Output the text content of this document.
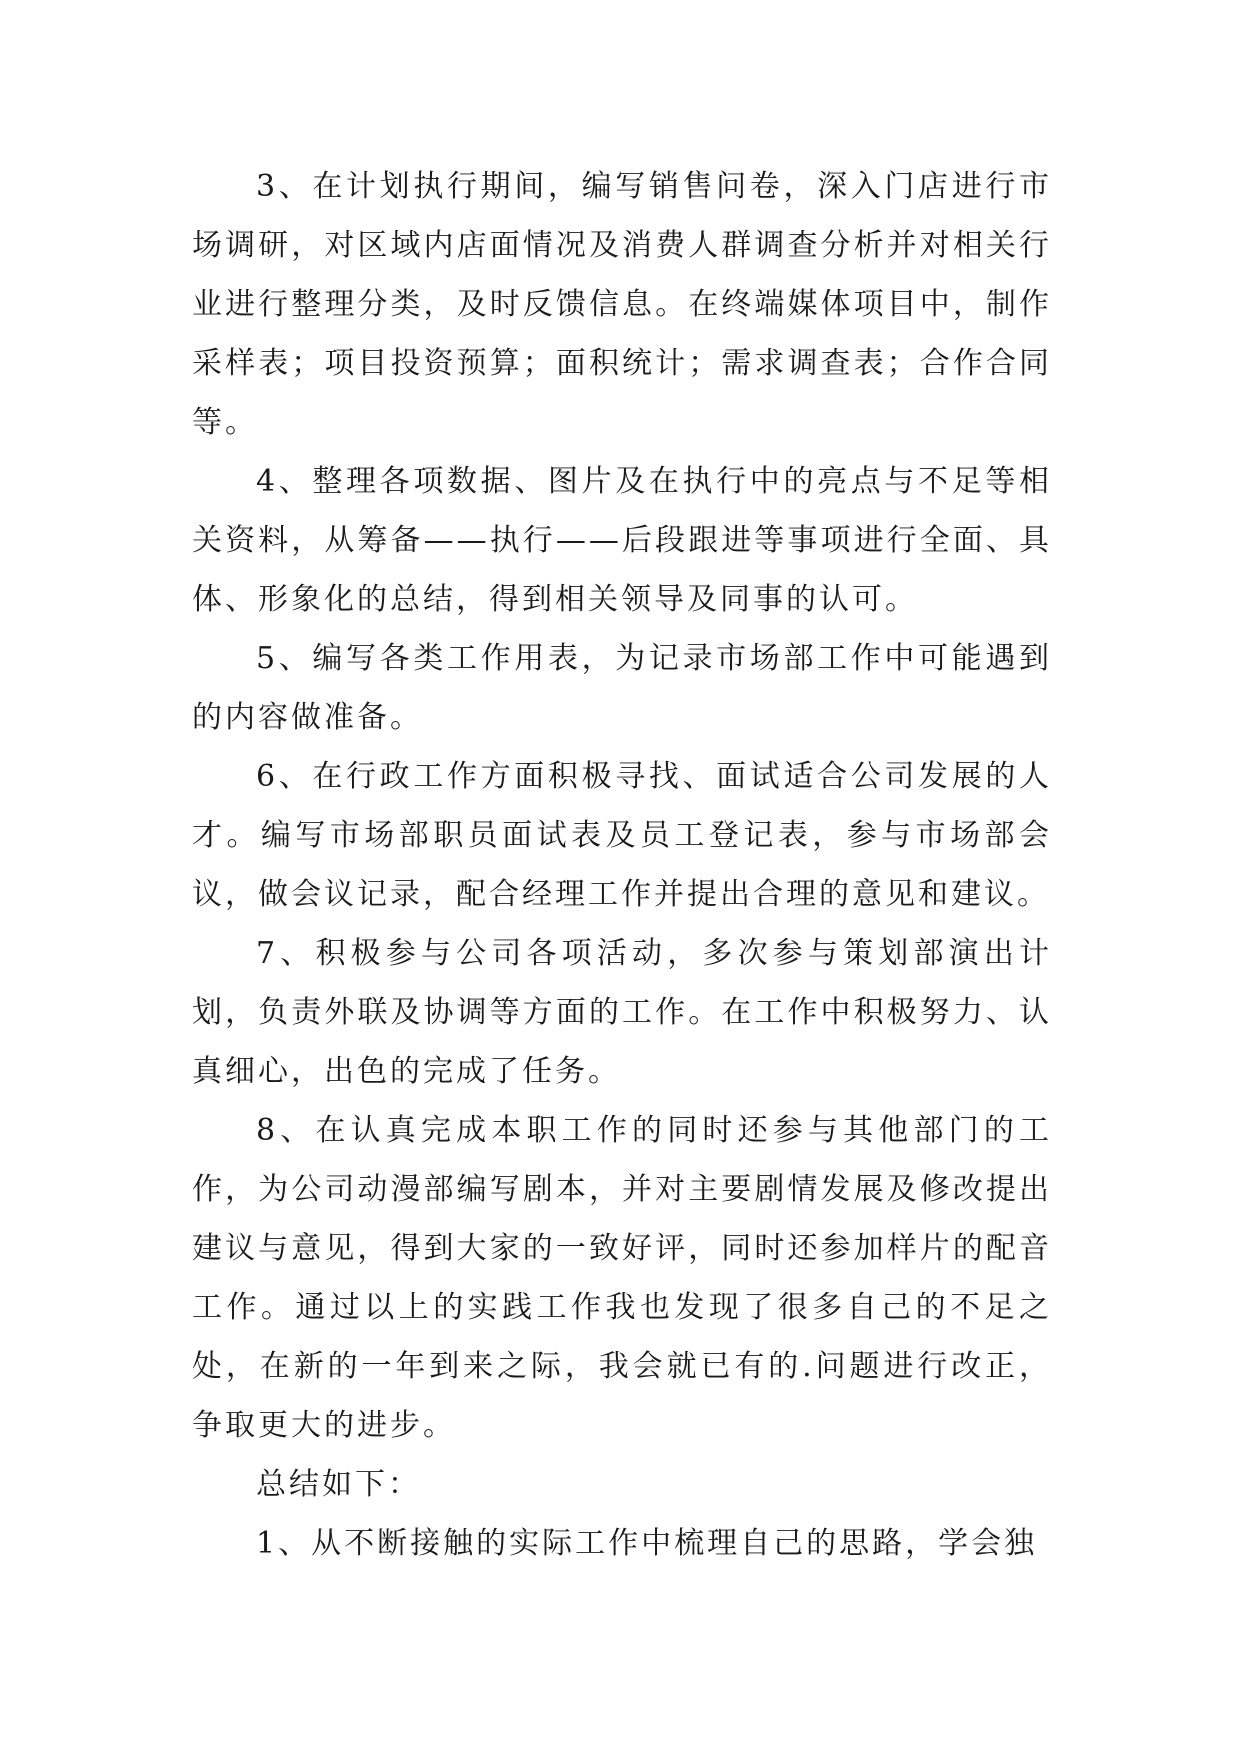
3、在计划执行期间，编写销售问卷，深入门店进行市场调研，对区域内店面情况及消费人群调查分析并对相关行业进行整理分类，及时反馈信息。在终端媒体项目中，制作采样表；项目投资预算；面积统计；需求调查表；合作合同等。

4、整理各项数据、图片及在执行中的亮点与不足等相关资料，从筹备——执行——后段跟进等事项进行全面、具体、形象化的总结，得到相关领导及同事的认可。

5、编写各类工作用表，为记录市场部工作中可能遇到的内容做准备。

6、在行政工作方面积极寻找、面试适合公司发展的人才。编写市场部职员面试表及员工登记表，参与市场部会议，做会议记录，配合经理工作并提出合理的意见和建议。

7、积极参与公司各项活动，多次参与策划部演出计划，负责外联及协调等方面的工作。在工作中积极努力、认真细心，出色的完成了任务。

8、在认真完成本职工作的同时还参与其他部门的工作，为公司动漫部编写剧本，并对主要剧情发展及修改提出建议与意见，得到大家的一致好评，同时还参加样片的配音工作。通过以上的实践工作我也发现了很多自己的不足之处，在新的一年到来之际，我会就已有的.问题进行改正，争取更大的进步。

总结如下：

1、从不断接触的实际工作中梳理自己的思路，学会独
